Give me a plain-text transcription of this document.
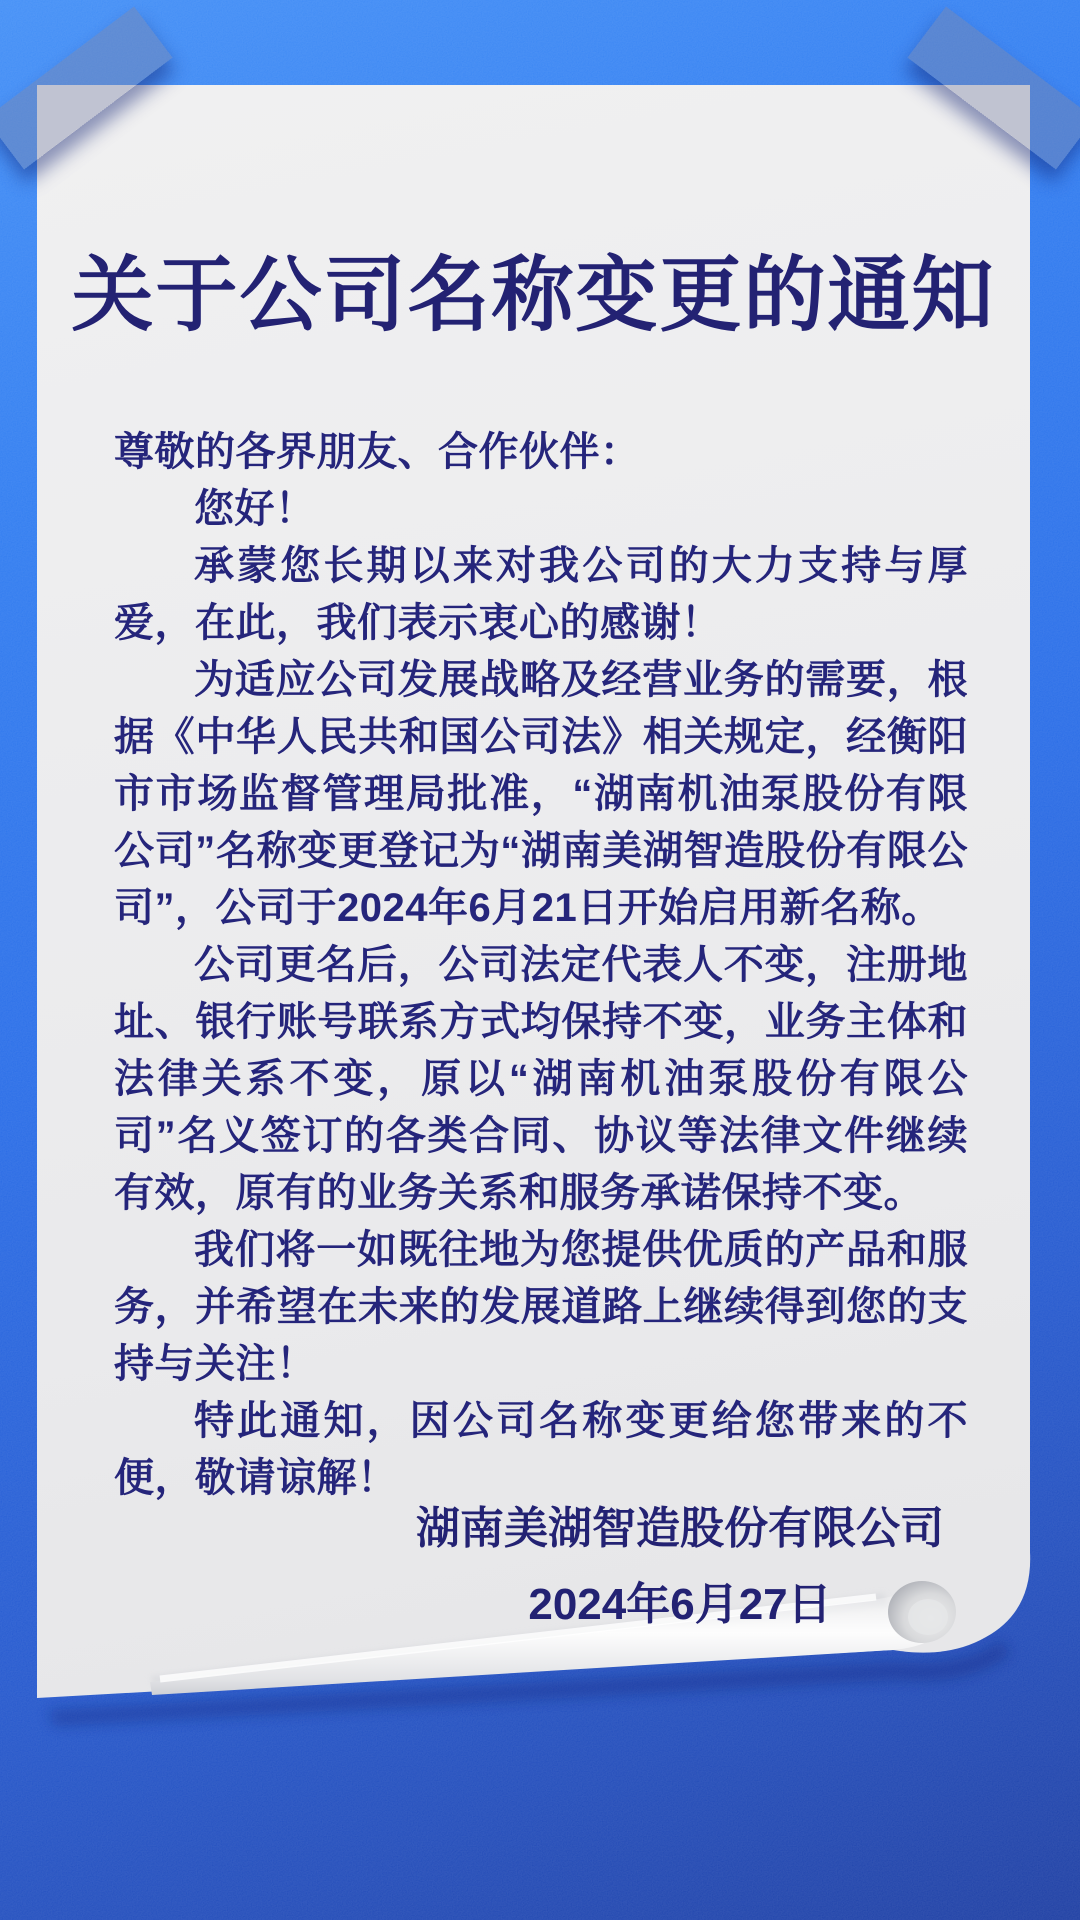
关于公司名称变更的通知

尊敬的各界朋友、合作伙伴：

您好！

承蒙您长期以来对我公司的大力支持与厚爱，在此，我们表示衷心的感谢！

为适应公司发展战略及经营业务的需要，根据《中华人民共和国公司法》相关规定，经衡阳市市场监督管理局批准，“湖南机油泵股份有限公司”名称变更登记为“湖南美湖智造股份有限公司”，公司于2024年6月21日开始启用新名称。

公司更名后，公司法定代表人不变，注册地址、银行账号联系方式均保持不变，业务主体和法律关系不变，原以“湖南机油泵股份有限公司”名义签订的各类合同、协议等法律文件继续有效，原有的业务关系和服务承诺保持不变。

我们将一如既往地为您提供优质的产品和服务，并希望在未来的发展道路上继续得到您的支持与关注！

特此通知，因公司名称变更给您带来的不便，敬请谅解！

湖南美湖智造股份有限公司

2024年6月27日
